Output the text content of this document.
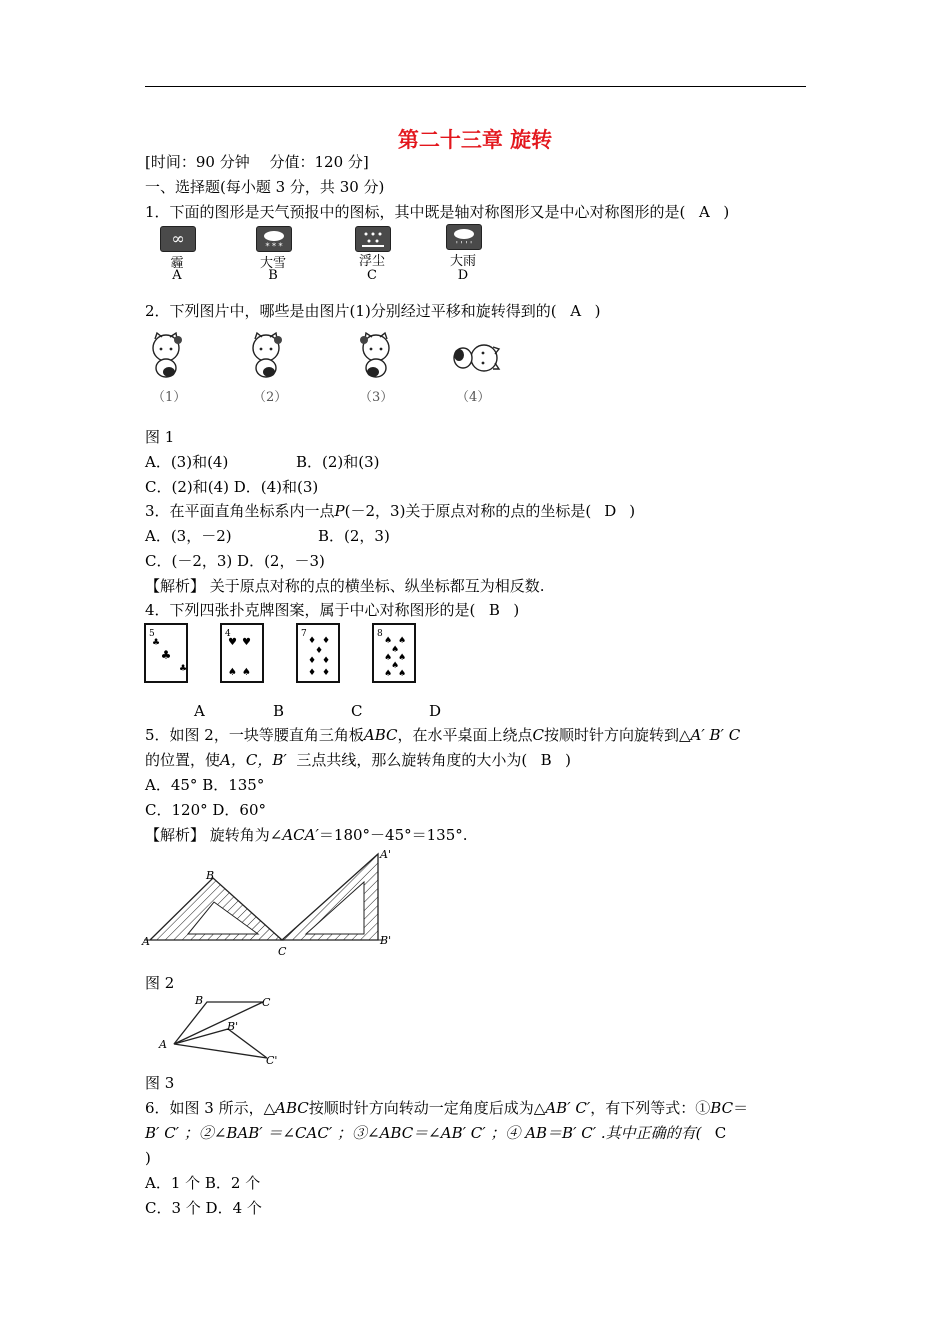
第二十三章 旋转
[时间：90 分钟　 分值：120 分]
一、选择题(每小题 3 分，共 30 分)
1．下面的图形是天气预报中的图标，其中既是轴对称图形又是中心对称图形的是( A )
∞	* * *	' ' ' '
霾	大雪	浮尘	大雨
A	B	C	D
2．下列图片中，哪些是由图片(1)分别经过平移和旋转得到的( A )
（1）	（2）	（3）	（4）
图 1
A．(3)和(4)	B．(2)和(3)
C．(2)和(4) D．(4)和(3)
3．在平面直角坐标系内一点P(－2，3)关于原点对称的点的坐标是( D )
A．(3，－2)	B．(2，3)
C．(－2，3) D．(2，－3)
【解析】 关于原点对称的点的横坐标、纵坐标都互为相反数.
4．下列四张扑克牌图案，属于中心对称图形的是( B )
5
♣
♣
♣
4
♥ ♥
♠ ♠
7
♦ ♦
♦
♦ ♦
♦ ♦
8
♠ ♠
♠
♠ ♠
♠
♠ ♠
A	B	C	D
5．如图 2，一块等腰直角三角板ABC，在水平桌面上绕点C按顺时针方向旋转到△A′ B′ C
的位置，使A，C，B′ 三点共线，那么旋转角度的大小为( B )
A．45° B．135°
C．120° D．60°
【解析】 旋转角为∠ACA′＝180°－45°＝135°.
A
B
C
A'
B'
图 2
A
B	C
B'
C'
图 3
6．如图 3 所示，△ABC按顺时针方向转动一定角度后成为△AB′ C′，有下列等式：①BC＝
B′ C′ ；②∠BAB′ ＝∠CAC′ ；③∠ABC＝∠AB′ C′ ；④ AB＝B′ C′ .其中正确的有( C
)
A．1 个 B．2 个
C．3 个 D．4 个
